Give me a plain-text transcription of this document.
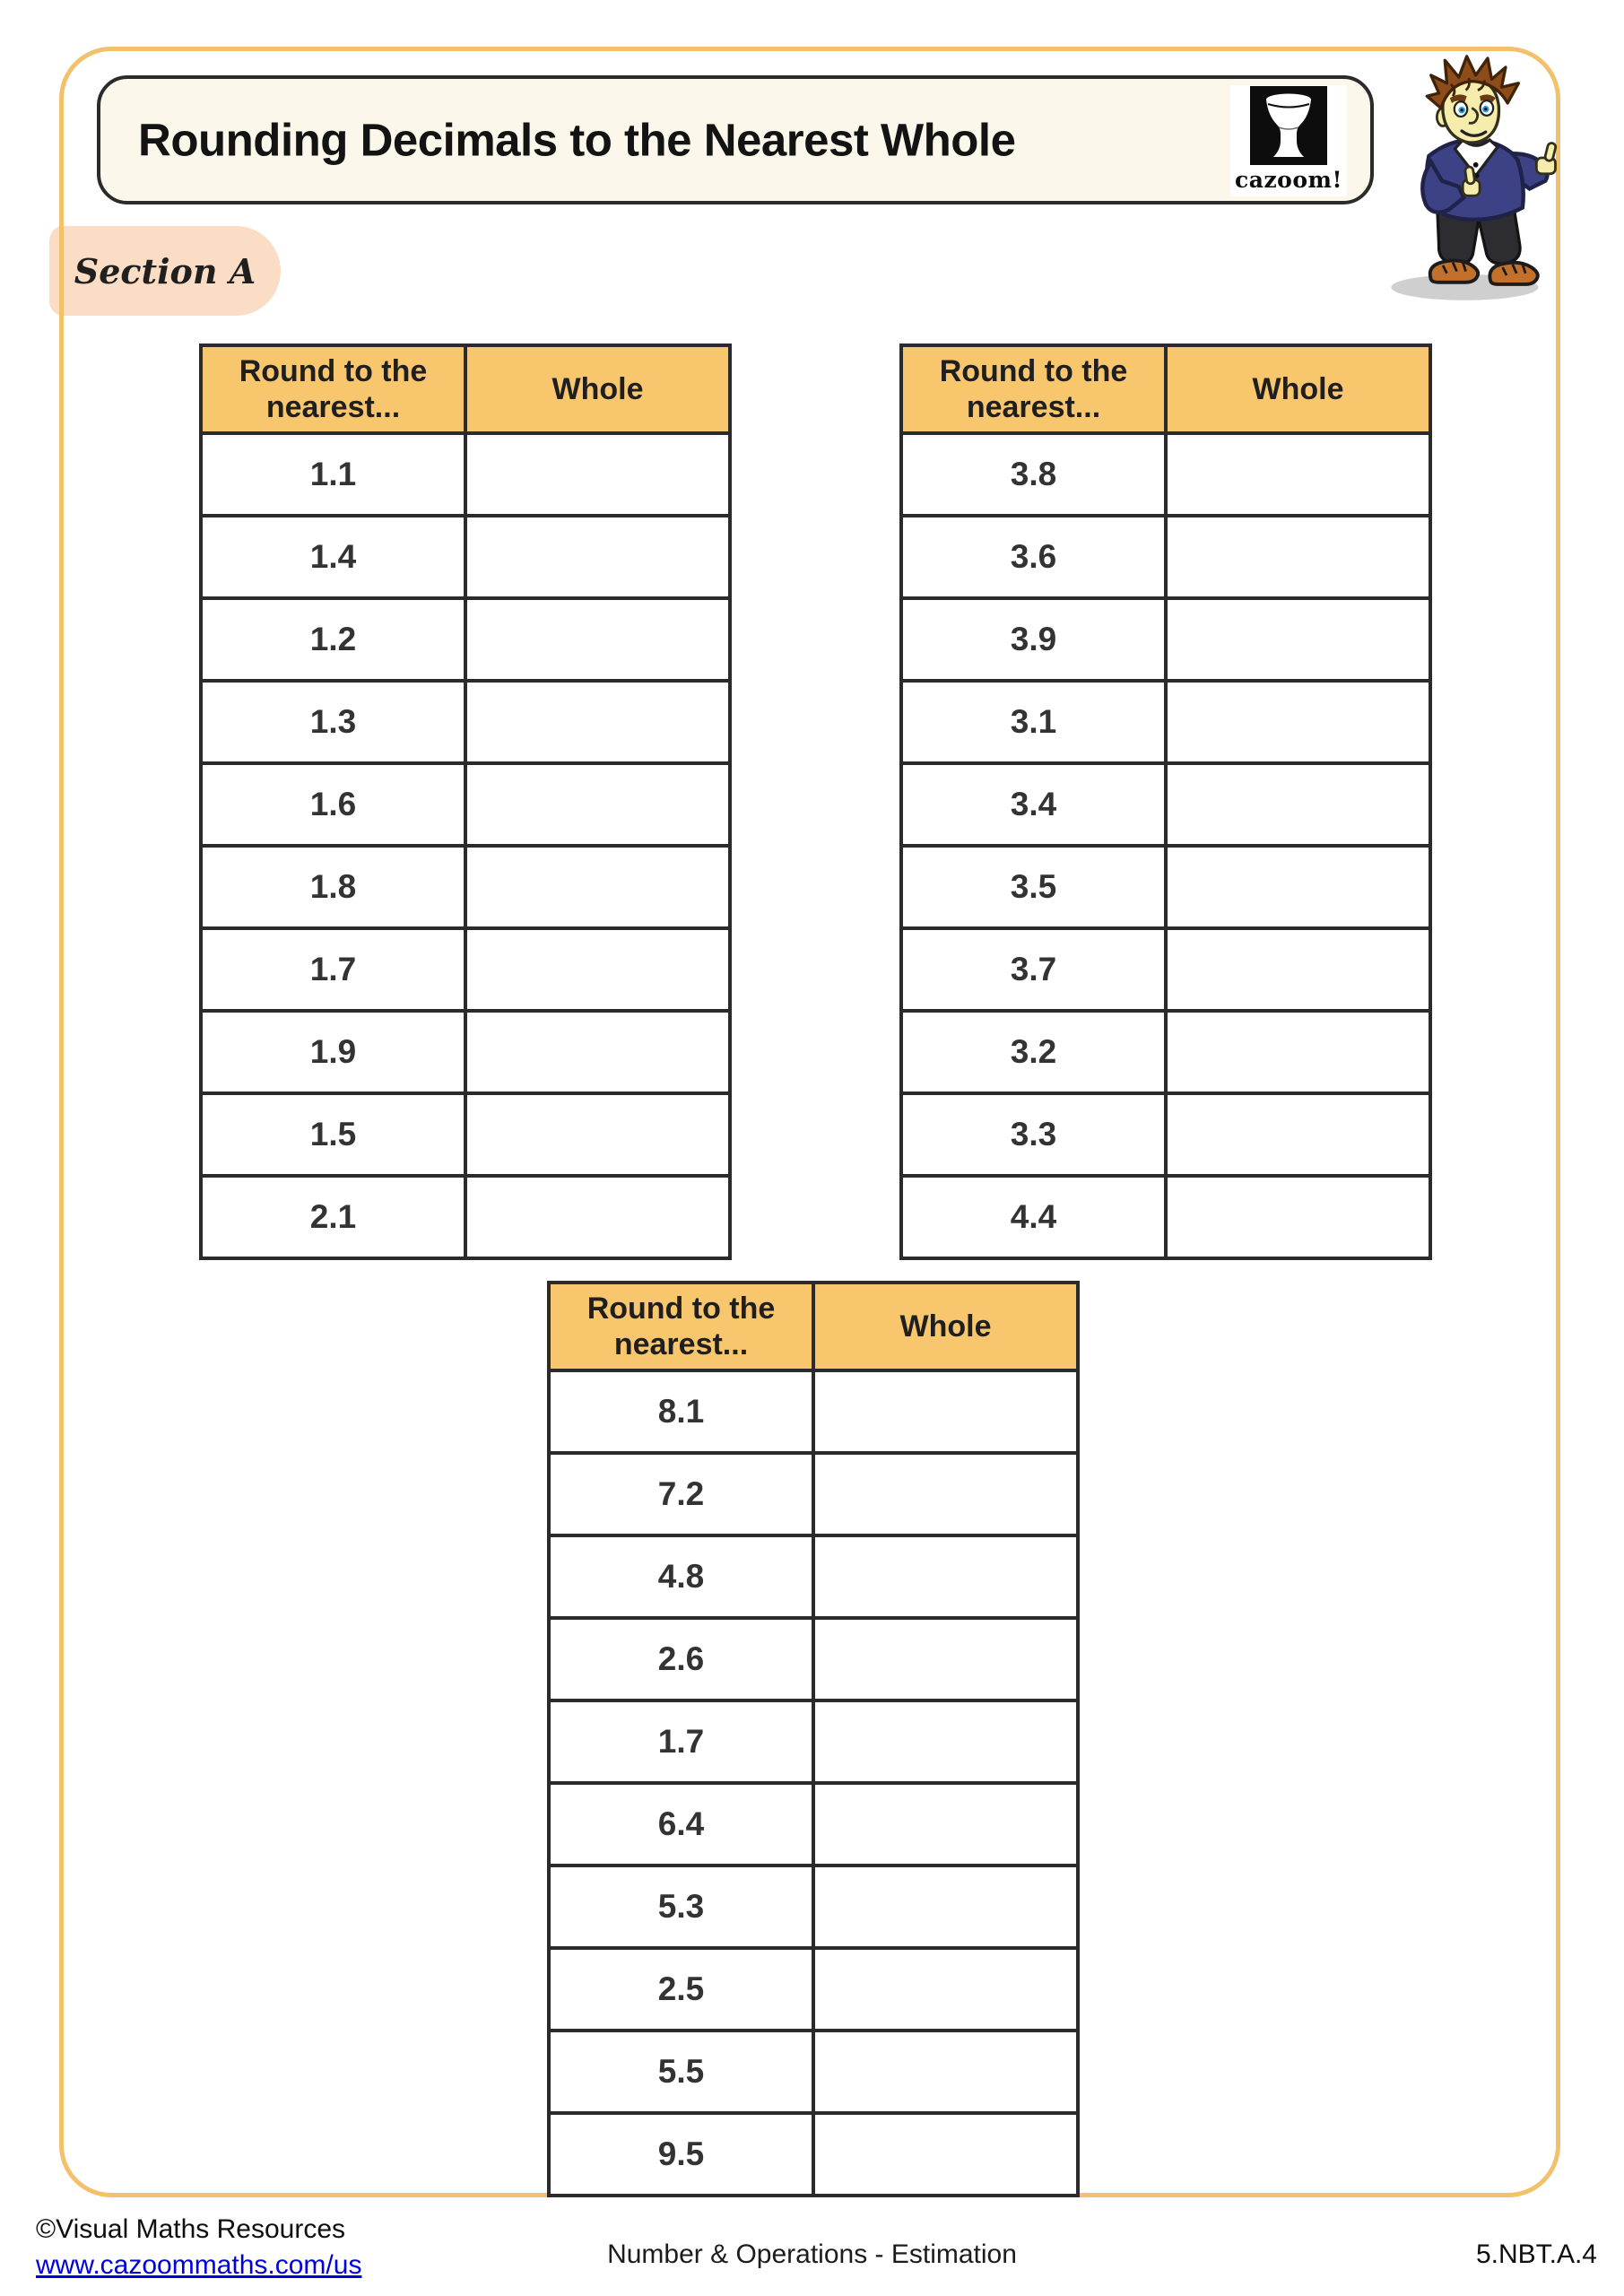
Section A
Rounding Decimals to the Nearest Whole
cazoom!
Round to the nearest...	Whole
1.1	
1.4	
1.2	
1.3	
1.6	
1.8	
1.7	
1.9	
1.5	
2.1	
Round to the nearest...	Whole
3.8	
3.6	
3.9	
3.1	
3.4	
3.5	
3.7	
3.2	
3.3	
4.4	
Round to the nearest...	Whole
8.1	
7.2	
4.8	
2.6	
1.7	
6.4	
5.3	
2.5	
5.5	
9.5	
©Visual Maths Resources
www.cazoommaths.com/us	Number & Operations - Estimation	5.NBT.A.4
